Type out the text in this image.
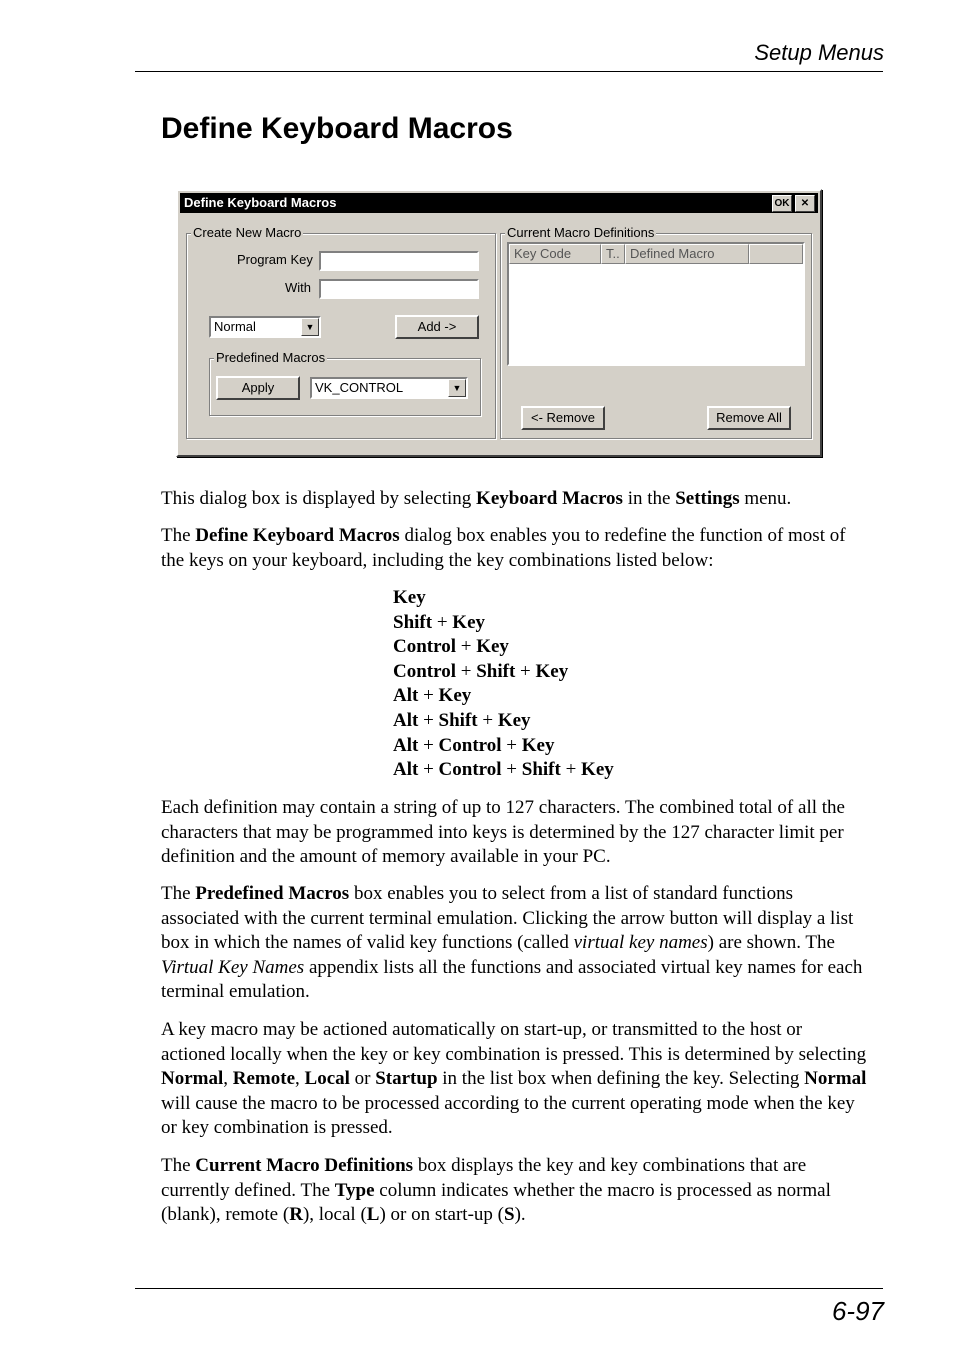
Setup Menus
Define Keyboard Macros
Define Keyboard Macros	OK	✕
Create New Macro
Program Key
With
Normal	▼	Add ->
Predefined Macros
Apply	VK_CONTROL	▼
Current Macro Definitions
Key Code	T.. Defined Macro
<- Remove	Remove All

This dialog box is displayed by selecting Keyboard Macros in the Settings menu.

The Define Keyboard Macros dialog box enables you to redefine the function of most of the keys on your keyboard, including the key combinations listed below:

Key
Shift + Key
Control + Key
Control + Shift + Key
Alt + Key
Alt + Shift + Key
Alt + Control + Key
Alt + Control + Shift + Key

Each definition may contain a string of up to 127 characters. The combined total of all the characters that may be programmed into keys is determined by the 127 character limit per definition and the amount of memory available in your PC.

The Predefined Macros box enables you to select from a list of standard functions associated with the current terminal emulation. Clicking the arrow button will display a list box in which the names of valid key functions (called virtual key names) are shown. The Virtual Key Names appendix lists all the functions and associated virtual key names for each terminal emulation.

A key macro may be actioned automatically on start-up, or transmitted to the host or actioned locally when the key or key combination is pressed. This is determined by selecting Normal, Remote, Local or Startup in the list box when defining the key. Selecting Normal will cause the macro to be processed according to the current operating mode when the key or key combination is pressed.

The Current Macro Definitions box displays the key and key combinations that are currently defined. The Type column indicates whether the macro is processed as normal (blank), remote (R), local (L) or on start-up (S).

6-97
